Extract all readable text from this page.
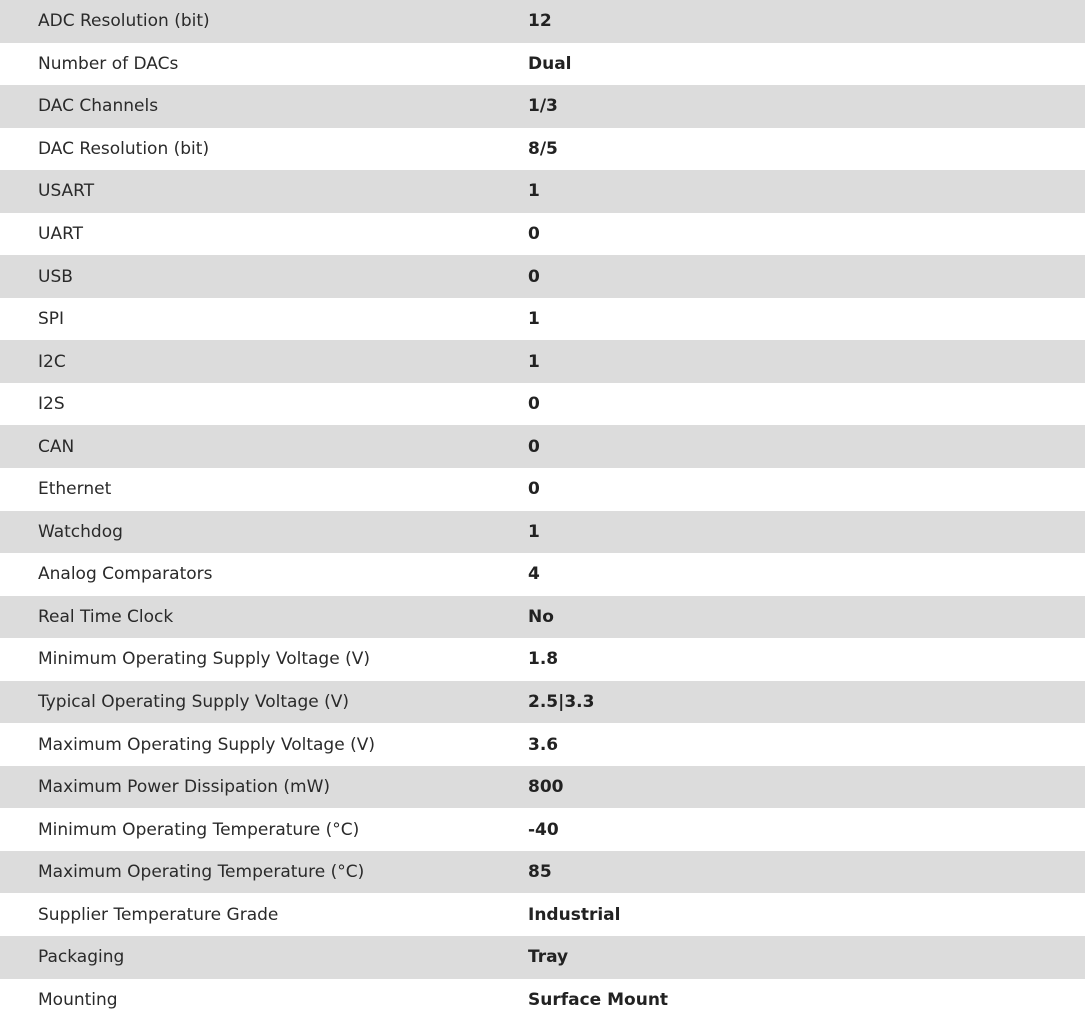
ADC Resolution (bit)	12
Number of DACs	Dual
DAC Channels	1/3
DAC Resolution (bit)	8/5
USART	1
UART	0
USB	0
SPI	1
I2C	1
I2S	0
CAN	0
Ethernet	0
Watchdog	1
Analog Comparators	4
Real Time Clock	No
Minimum Operating Supply Voltage (V)	1.8
Typical Operating Supply Voltage (V)	2.5|3.3
Maximum Operating Supply Voltage (V)	3.6
Maximum Power Dissipation (mW)	800
Minimum Operating Temperature (°C)	-40
Maximum Operating Temperature (°C)	85
Supplier Temperature Grade	Industrial
Packaging	Tray
Mounting	Surface Mount
